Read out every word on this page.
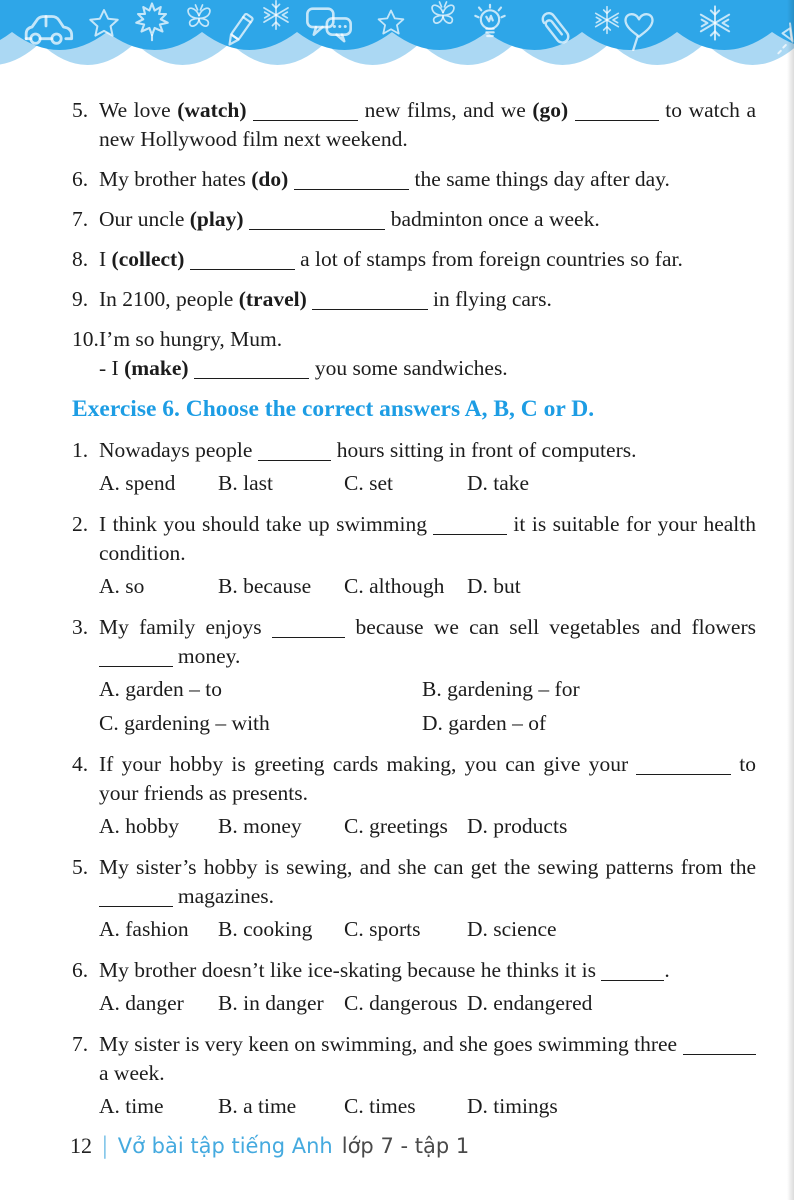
5. We love (watch)	new films, and we (go)	to watch a new Hollywood film next weekend.
6. My brother hates (do)	the same things day after day.
7. Our uncle (play)	badminton once a week.
8. I (collect)	a lot of stamps from foreign countries so far.
9. In 2100, people (travel)	in flying cars.
10. I’m so hungry, Mum.
- I (make)	you some sandwiches.
Exercise 6. Choose the correct answers A, B, C or D.
1. Nowadays people	hours sitting in front of computers.
A. spend	B. last	C. set	D. take
2. I think you should take up swimming	it is suitable for your health condition.
A. so	B. because	C. although	D. but
3. My family enjoys	because we can sell vegetables and flowers  money.
A. garden – to	B. gardening – for
C. gardening – with	D. garden – of
4. If your hobby is greeting cards making, you can give your	to your friends as presents.
A. hobby	B. money	C. greetings D. products
5. My sister’s hobby is sewing, and she can get the sewing patterns from the  magazines.
A. fashion	B. cooking	C. sports	D. science
6. My brother doesn’t like ice-skating because he thinks it is	.
A. danger	B. in danger C. dangerous D. endangered
7. My sister is very keen on swimming, and she goes swimming three  a week.
A. time	B. a time	C. times	D. timings
12 | Vở bài tập tiếng Anh lớp 7 - tập 1
